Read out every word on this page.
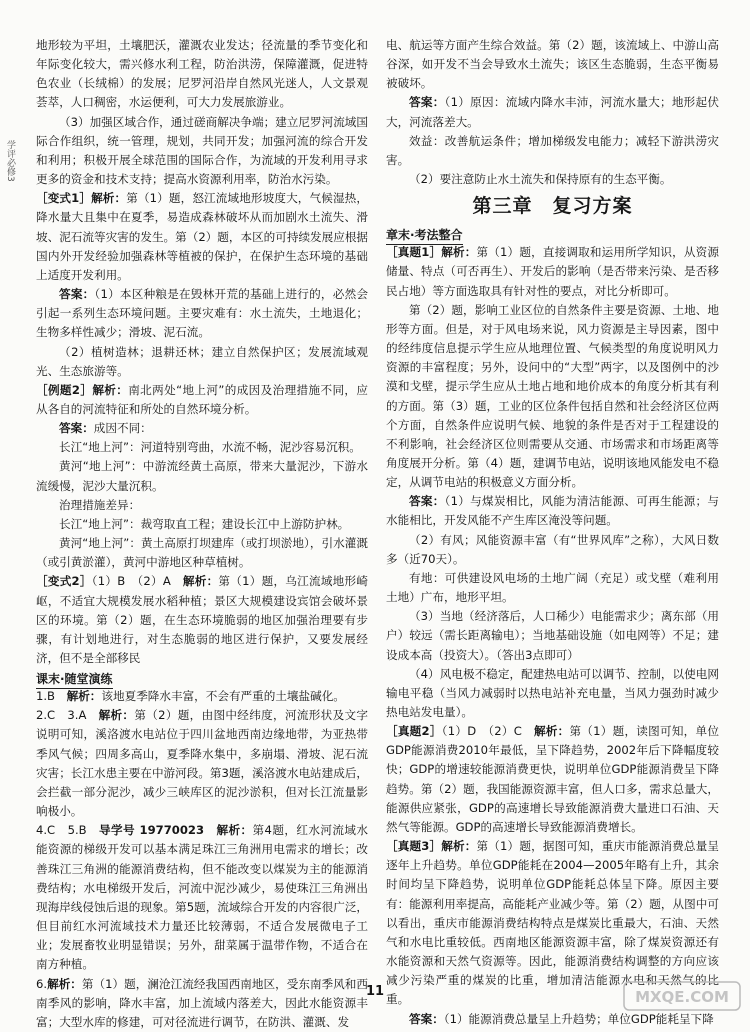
学评必修3

地形较为平坦，土壤肥沃，灌溉农业发达；径流量的季节变化和年际变化较大，需兴修水利工程，防治洪涝，保障灌溉，促进特色农业（长绒棉）的发展；尼罗河沿岸自然风光迷人，人文景观荟萃，人口稠密，水运便利，可大力发展旅游业。

（3）加强区域合作，通过磋商解决争端；建立尼罗河流域国际合作组织，统一管理，规划，共同开发；加强河流的综合开发和利用；积极开展全球范围的国际合作，为流域的开发利用寻求更多的资金和技术支持；提高水资源利用率，防治水污染。

［变式1］解析：第（1）题，怒江流域地形坡度大，气候湿热，降水量大且集中在夏季，易造成森林破坏从而加剧水土流失、滑坡、泥石流等灾害的发生。第（2）题，本区的可持续发展应根据国内外开发经验加强森林等植被的保护，在保护生态环境的基础上适度开发利用。

答案：（1）本区种粮是在毁林开荒的基础上进行的，必然会引起一系列生态环境问题。主要灾难有：水土流失，土地退化；生物多样性减少；滑坡、泥石流。

（2）植树造林；退耕还林；建立自然保护区；发展流域观光、生态旅游等。

［例题2］解析：南北两处“地上河”的成因及治理措施不同，应从各自的河流特征和所处的自然环境分析。

答案：成因不同：

长江“地上河”：河道特别弯曲，水流不畅，泥沙容易沉积。

黄河“地上河”：中游流经黄土高原，带来大量泥沙，下游水流缓慢，泥沙大量沉积。

治理措施差异：

长江“地上河”：裁弯取直工程；建设长江中上游防护林。

黄河“地上河”：黄土高原打坝建库（或打坝淤地），引水灌溉（或引黄淤灌），黄河中游地区种草植树。

［变式2］（1）B　（2）A　解析：第（1）题，乌江流域地形崎岖，不适宜大规模发展水稻种植；景区大规模建设宾馆会破坏景区的环境。第（2）题，在生态环境脆弱的地区加强治理要有步骤，有计划地进行，对生态脆弱的地区进行保护，又要发展经济，但不是全部移民

课末·随堂演练

1.B　解析：该地夏季降水丰富，不会有严重的土壤盐碱化。

2.C　3.A　解析：第（2）题，由图中经纬度，河流形状及文字说明可知，溪洛渡水电站位于四川盆地西南边缘地带，为亚热带季风气候；四周多高山，夏季降水集中，多崩塌、滑坡、泥石流灾害；长江水患主要在中游河段。第3题，溪洛渡水电站建成后，会拦截一部分泥沙，减少三峡库区的泥沙淤积，但对长江流量影响极小。

4.C　5.B　导学号 19770023　解析：第4题，红水河流域水能资源的梯级开发可以基本满足珠江三角洲用电需求的增长；改善珠江三角洲的能源消费结构，但不能改变以煤炭为主的能源消费结构；水电梯级开发后，河流中泥沙减少，易使珠江三角洲出现海岸线侵蚀后退的现象。第5题，流域综合开发的内容很广泛，但目前红水河流域技术力量还比较薄弱，不适合发展微电子工业；发展畜牧业明显错误；另外，甜菜属于温带作物，不适合在南方种植。

6.解析：第（1）题，澜沧江流经我国西南地区，受东南季风和西南季风的影响，降水丰富，加上流域内落差大，因此水能资源丰富；大型水库的修建，可对径流进行调节，在防洪、灌溉、发

电、航运等方面产生综合效益。第（2）题，该流域上、中游山高谷深，如开发不当会导致水土流失；该区生态脆弱，生态平衡易被破坏。

答案：（1）原因：流域内降水丰沛，河流水量大；地形起伏大，河流落差大。

效益：改善航运条件；增加梯级发电能力；减轻下游洪涝灾害。

（2）要注意防止水土流失和保持原有的生态平衡。

第三章　复习方案
章末·考法整合

［真题1］解析：第（1）题，直接调取和运用所学知识，从资源储量、特点（可否再生）、开发后的影响（是否带来污染、是否移民占地）等方面选取具有针对性的要点，对比分析即可。

第（2）题，影响工业区位的自然条件主要是资源、土地、地形等方面。但是，对于风电场来说，风力资源是主导因素，图中的经纬度信息提示学生应从地理位置、气候类型的角度说明风力资源的丰富程度；另外，设问中的“大型”两字，以及图例中的沙漠和戈壁，提示学生应从土地占地和地价成本的角度分析其有利的方面。第（3）题，工业的区位条件包括自然和社会经济区位两个方面，自然条件应说明气候、地貌的条件是否对于工程建设的不利影响，社会经济区位则需要从交通、市场需求和市场距离等角度展开分析。第（4）题，建调节电站，说明该地风能发电不稳定，从调节电站的积极意义方面分析。

答案：（1）与煤炭相比，风能为清洁能源、可再生能源；与水能相比，开发风能不产生库区淹没等问题。

（2）有风；风能资源丰富（有“世界风库”之称），大风日数多（近70天）。

有地：可供建设风电场的土地广阔（充足）或戈壁（难利用土地）广布，地形平坦。

（3）当地（经济落后，人口稀少）电能需求少；离东部（用户）较远（需长距离输电）；当地基础设施（如电网等）不足；建设成本高（投资大）。（答出3点即可）

（4）风电极不稳定，配建热电站可以调节、控制，以使电网输电平稳（当风力减弱时以热电站补充电量，当风力强劲时减少热电站发电量）。

［真题2］（1）D　（2）C　解析：第（1）题，读图可知，单位GDP能源消费2010年最低，呈下降趋势，2002年后下降幅度较快；GDP的增速较能源消费更快，说明单位GDP能源消费呈下降趋势。第（2）题，我国能源资源丰富，但人口多，需求总量大，能源供应紧张，GDP的高速增长导致能源消费大量进口石油、天然气等能源。GDP的高速增长导致能源消费增长。

［真题3］解析：第（1）题，据图可知，重庆市能源消费总量呈逐年上升趋势。单位GDP能耗在2004—2005年略有上升，其余时间均呈下降趋势，说明单位GDP能耗总体呈下降。原因主要有：能源利用率提高，高能耗产业减少等。第（2）题，从图中可以看出，重庆市能源消费结构特点是煤炭比重最大，石油、天然气和水电比重较低。西南地区能源资源丰富，除了煤炭资源还有水能资源和天然气资源等。因此，能源消费结构调整的方向应该减少污染严重的煤炭的比重，增加清洁能源水电和天然气的比重。

答案：（1）能源消费总量呈上升趋势；单位GDP能耗呈下降

11	MXQE.COM
